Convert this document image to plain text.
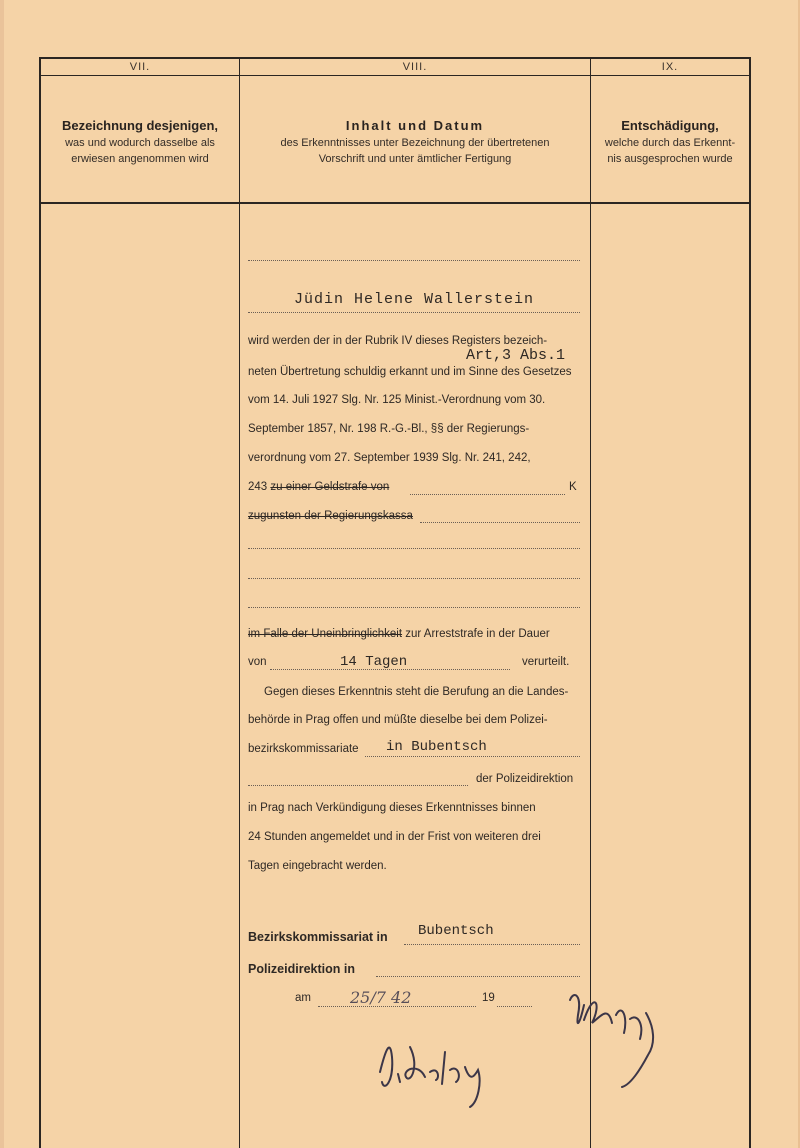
VII.	VIII.	IX.
Bezeichnung desjenigen,
was und wodurch dasselbe als
erwiesen angenommen wird
Inhalt und Datum
des Erkenntnisses unter Bezeichnung der übertretenen
Vorschrift und unter ämtlicher Fertigung
Entschädigung,
welche durch das Erkennt-
nis ausgesprochen wurde
Jüdin Helene Wallerstein
wird werden der in der Rubrik IV dieses Registers bezeich-
Art,3 Abs.1
neten Übertretung schuldig erkannt und im Sinne des Gesetzes
vom 14. Juli 1927 Slg. Nr. 125 Minist.-Verordnung vom 30.
September 1857, Nr. 198 R.-G.-Bl., §§ der Regierungs-
verordnung vom 27. September 1939 Slg. Nr. 241, 242,
243 zu einer Geldstrafe von	K
zugunsten der Regierungskassa
im Falle der Uneinbringlichkeit zur Arreststrafe in der Dauer
von	14 Tagen	verurteilt.
Gegen dieses Erkenntnis steht die Berufung an die Landes-
behörde in Prag offen und müßte dieselbe bei dem Polizei-
bezirkskommissariate	in Bubentsch
der Polizeidirektion
in Prag nach Verkündigung dieses Erkenntnisses binnen
24 Stunden angemeldet und in der Frist von weiteren drei
Tagen eingebracht werden.
Bezirkskommissariat in	Bubentsch
Polizeidirektion in
am	25/7 42	19
